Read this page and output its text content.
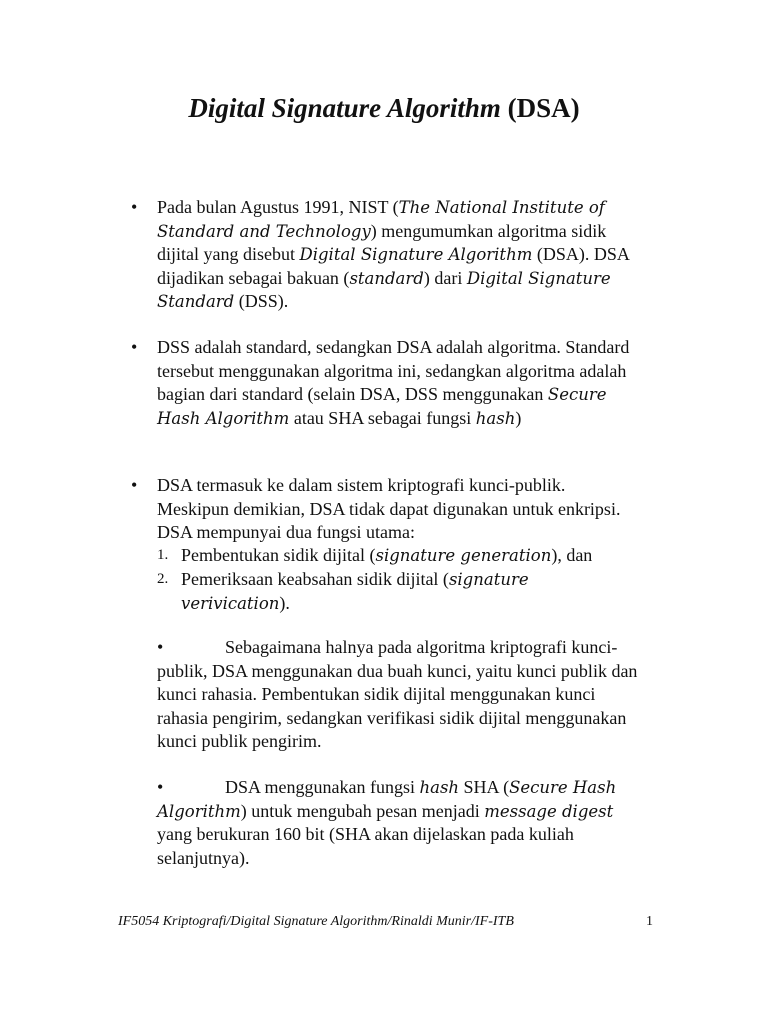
Digital Signature Algorithm (DSA)
• Pada bulan Agustus 1991, NIST (The National Institute of Standard and Technology) mengumumkan algoritma sidik dijital yang disebut Digital Signature Algorithm (DSA). DSA dijadikan sebagai bakuan (standard) dari Digital Signature Standard (DSS).

• DSS adalah standard, sedangkan DSA adalah algoritma. Standard tersebut menggunakan algoritma ini, sedangkan algoritma adalah bagian dari standard (selain DSA, DSS menggunakan Secure Hash Algorithm atau SHA sebagai fungsi hash)

• DSA termasuk ke dalam sistem kriptografi kunci-publik. Meskipun demikian, DSA tidak dapat digunakan untuk enkripsi. DSA mempunyai dua fungsi utama:

1. Pembentukan sidik dijital (signature generation), dan

2. Pemeriksaan keabsahan sidik dijital (signature verivication).

•	Sebagaimana halnya pada algoritma kriptografi kunci-publik, DSA menggunakan dua buah kunci, yaitu kunci publik dan kunci rahasia. Pembentukan sidik dijital menggunakan kunci rahasia pengirim, sedangkan verifikasi sidik dijital menggunakan kunci publik pengirim.

•	DSA menggunakan fungsi hash SHA (Secure Hash Algorithm) untuk mengubah pesan menjadi message digest yang berukuran 160 bit (SHA akan dijelaskan pada kuliah selanjutnya).

IF5054 Kriptografi/Digital Signature Algorithm/Rinaldi Munir/IF-ITB	1
